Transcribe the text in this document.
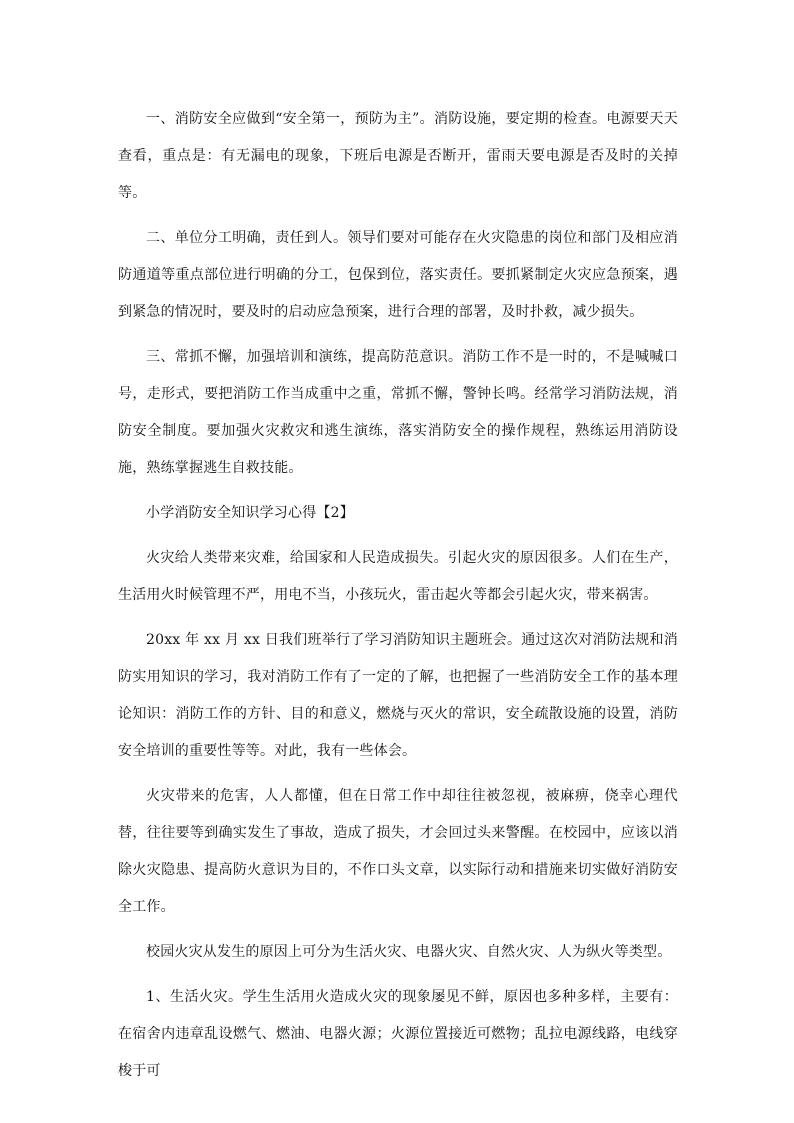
一、消防安全应做到“安全第一，预防为主”。消防设施，要定期的检查。电源要天天查看，重点是：有无漏电的现象，下班后电源是否断开，雷雨天要电源是否及时的关掉等。

二、单位分工明确，责任到人。领导们要对可能存在火灾隐患的岗位和部门及相应消防通道等重点部位进行明确的分工，包保到位，落实责任。要抓紧制定火灾应急预案，遇到紧急的情况时，要及时的启动应急预案，进行合理的部署，及时扑救，减少损失。

三、常抓不懈，加强培训和演练，提高防范意识。消防工作不是一时的，不是喊喊口号，走形式，要把消防工作当成重中之重，常抓不懈，警钟长鸣。经常学习消防法规，消防安全制度。要加强火灾救灾和逃生演练，落实消防安全的操作规程，熟练运用消防设施，熟练掌握逃生自救技能。

小学消防安全知识学习心得【2】

火灾给人类带来灾难，给国家和人民造成损失。引起火灾的原因很多。人们在生产，生活用火时候管理不严，用电不当，小孩玩火，雷击起火等都会引起火灾，带来祸害。

20xx 年 xx 月 xx 日我们班举行了学习消防知识主题班会。通过这次对消防法规和消防实用知识的学习，我对消防工作有了一定的了解，也把握了一些消防安全工作的基本理论知识：消防工作的方针、目的和意义，燃烧与灭火的常识，安全疏散设施的设置，消防安全培训的重要性等等。对此，我有一些体会。

火灾带来的危害，人人都懂，但在日常工作中却往往被忽视，被麻痹，侥幸心理代替，往往要等到确实发生了事故，造成了损失，才会回过头来警醒。在校园中，应该以消除火灾隐患、提高防火意识为目的，不作口头文章，以实际行动和措施来切实做好消防安全工作。

校园火灾从发生的原因上可分为生活火灾、电器火灾、自然火灾、人为纵火等类型。

1、生活火灾。学生生活用火造成火灾的现象屡见不鲜，原因也多种多样，主要有：在宿舍内违章乱设燃气、燃油、电器火源；火源位置接近可燃物；乱拉电源线路，电线穿梭于可
